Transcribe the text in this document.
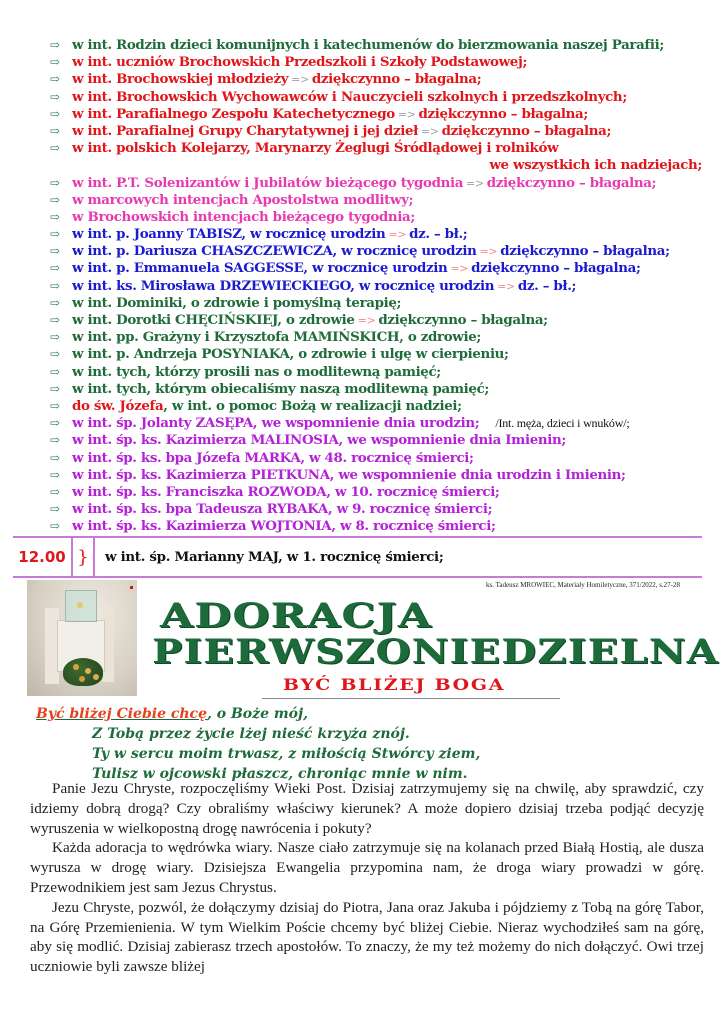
⇨ w int. Rodzin dzieci komunijnych i katechumenów do bierzmowania naszej Parafii;
⇨ w int. uczniów Brochowskich Przedszkoli i Szkoły Podstawowej;
⇨ w int. Brochowskiej młodzieży => dziękczynno – błagalna;
⇨ w int. Brochowskich Wychowawców i Nauczycieli szkolnych i przedszkolnych;
⇨ w int. Parafialnego Zespołu Katechetycznego => dziękczynno – błagalna;
⇨ w int. Parafialnej Grupy Charytatywnej i jej dzieł => dziękczynno – błagalna;
⇨ w int. polskich Kolejarzy, Marynarzy Żeglugi Śródlądowej i rolników
we wszystkich ich nadziejach;
⇨ w int. P.T. Solenizantów i Jubilatów bieżącego tygodnia => dziękczynno – błagalna;
⇨ w marcowych intencjach Apostolstwa modlitwy;
⇨ w Brochowskich intencjach bieżącego tygodnia;
⇨ w int. p. Joanny TABISZ, w rocznicę urodzin => dz. – bł.;
⇨ w int. p. Dariusza CHASZCZEWICZA, w rocznicę urodzin => dziękczynno – błagalna;
⇨ w int. p. Emmanuela SAGGESSE, w rocznicę urodzin => dziękczynno – błagalna;
⇨ w int. ks. Mirosława DRZEWIECKIEGO, w rocznicę urodzin => dz. – bł.;
⇨ w int. Dominiki, o zdrowie i pomyślną terapię;
⇨ w int. Dorotki CHĘCIŃSKIEJ, o zdrowie => dziękczynno – błagalna;
⇨ w int. pp. Grażyny i Krzysztofa MAMIŃSKICH, o zdrowie;
⇨ w int. p. Andrzeja POSYNIAKA, o zdrowie i ulgę w cierpieniu;
⇨ w int. tych, którzy prosili nas o modlitewną pamięć;
⇨ w int. tych, którym obiecaliśmy naszą modlitewną pamięć;
⇨ do św. Józefa, w int. o pomoc Bożą w realizacji nadziei;
⇨ w int. śp. Jolanty ZASĘPA, we wspomnienie dnia urodzin; /Int. męża, dzieci i wnuków/;
⇨ w int. śp. ks. Kazimierza MALINOSIA, we wspomnienie dnia Imienin;
⇨ w int. śp. ks. bpa Józefa MARKA, w 48. rocznicę śmierci;
⇨ w int. śp. ks. Kazimierza PIETKUNA, we wspomnienie dnia urodzin i Imienin;
⇨ w int. śp. ks. Franciszka ROZWODA, w 10. rocznicę śmierci;
⇨ w int. śp. ks. bpa Tadeusza RYBAKA, w 9. rocznicę śmierci;
⇨ w int. śp. ks. Kazimierza WOJTONIA, w 8. rocznicę śmierci;
12.00 }	w int. śp. Marianny MAJ, w 1. rocznicę śmierci;
ks. Tadeusz MROWIEC, Materiały Homiletyczne, 371/2022, s.27-28
ADORACJA
PIERWSZONIEDZIELNA
BYĆ BLIŻEJ BOGA
Być bliżej Ciebie chcę, o Boże mój,
Z Tobą przez życie lżej nieść krzyża znój.
Ty w sercu moim trwasz, z miłością Stwórcy ziem,
Tulisz w ojcowski płaszcz, chroniąc mnie w nim.

Panie Jezu Chryste, rozpoczęliśmy Wieki Post. Dzisiaj zatrzymujemy się na chwilę, aby sprawdzić, czy idziemy dobrą drogą? Czy obraliśmy właściwy kierunek? A może dopiero dzisiaj trzeba podjąć decyzję wyruszenia w wielkopostną drogę nawrócenia i pokuty?

Każda adoracja to wędrówka wiary. Nasze ciało zatrzymuje się na kolanach przed Białą Hostią, ale dusza wyrusza w drogę wiary. Dzisiejsza Ewangelia przypomina nam, że droga wiary prowadzi w górę. Przewodnikiem jest sam Jezus Chrystus.

Jezu Chryste, pozwól, że dołączymy dzisiaj do Piotra, Jana oraz Jakuba i pójdziemy z Tobą na górę Tabor, na Górę Przemienienia. W tym Wielkim Poście chcemy być bliżej Ciebie. Nieraz wychodziłeś sam na górę, aby się modlić. Dzisiaj zabierasz trzech apostołów. To znaczy, że my też możemy do nich dołączyć. Owi trzej uczniowie byli zawsze bliżej
